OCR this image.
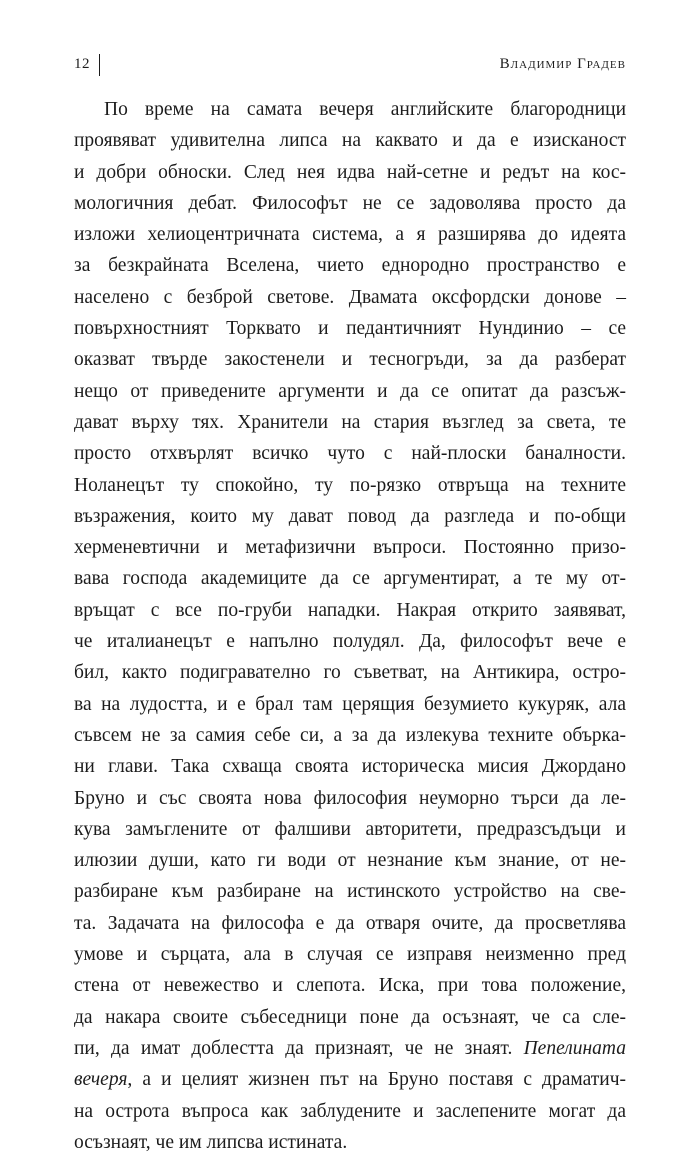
12	Владимир Градев
По време на самата вечеря английските благородници
проявяват удивителна липса на каквато и да е изисканост
и добри обноски. След нея идва най-сетне и редът на кос-
мологичния дебат. Философът не се задоволява просто да
изложи хелиоцентричната система, а я разширява до идеята
за безкрайната Вселена, чието еднородно пространство е
населено с безброй светове. Двамата оксфордски донове –
повърхностният Торквато и педантичният Нундинио – се
оказват твърде закостенели и тесногръди, за да разберат
нещо от приведените аргументи и да се опитат да разсъж-
дават върху тях. Хранители на стария възглед за света, те
просто отхвърлят всичко чуто с най-плоски баналности.
Ноланецът ту спокойно, ту по-рязко отвръща на техните
възражения, които му дават повод да разгледа и по-общи
херменевтични и метафизични въпроси. Постоянно призо-
вава господа академиците да се аргументират, а те му от-
връщат с все по-груби нападки. Накрая открито заявяват,
че италианецът е напълно полудял. Да, философът вече е
бил, както подигравателно го съветват, на Антикира, остро-
ва на лудостта, и е брал там церящия безумието кукуряк, ала
съвсем не за самия себе си, а за да излекува техните обърка-
ни глави. Така схваща своята историческа мисия Джордано
Бруно и със своята нова философия неуморно търси да ле-
кува замъглените от фалшиви авторитети, предразсъдъци и
илюзии души, като ги води от незнание към знание, от не-
разбиране към разбиране на истинското устройство на све-
та. Задачата на философа е да отваря очите, да просветлява
умове и сърцата, ала в случая се изправя неизменно пред
стена от невежество и слепота. Иска, при това положение,
да накара своите събеседници поне да осъзнаят, че са сле-
пи, да имат доблестта да признаят, че не знаят. Пепелината
вечеря, а и целият жизнен път на Бруно поставя с драматич-
на острота въпроса как заблудените и заслепените могат да
осъзнаят, че им липсва истината.
